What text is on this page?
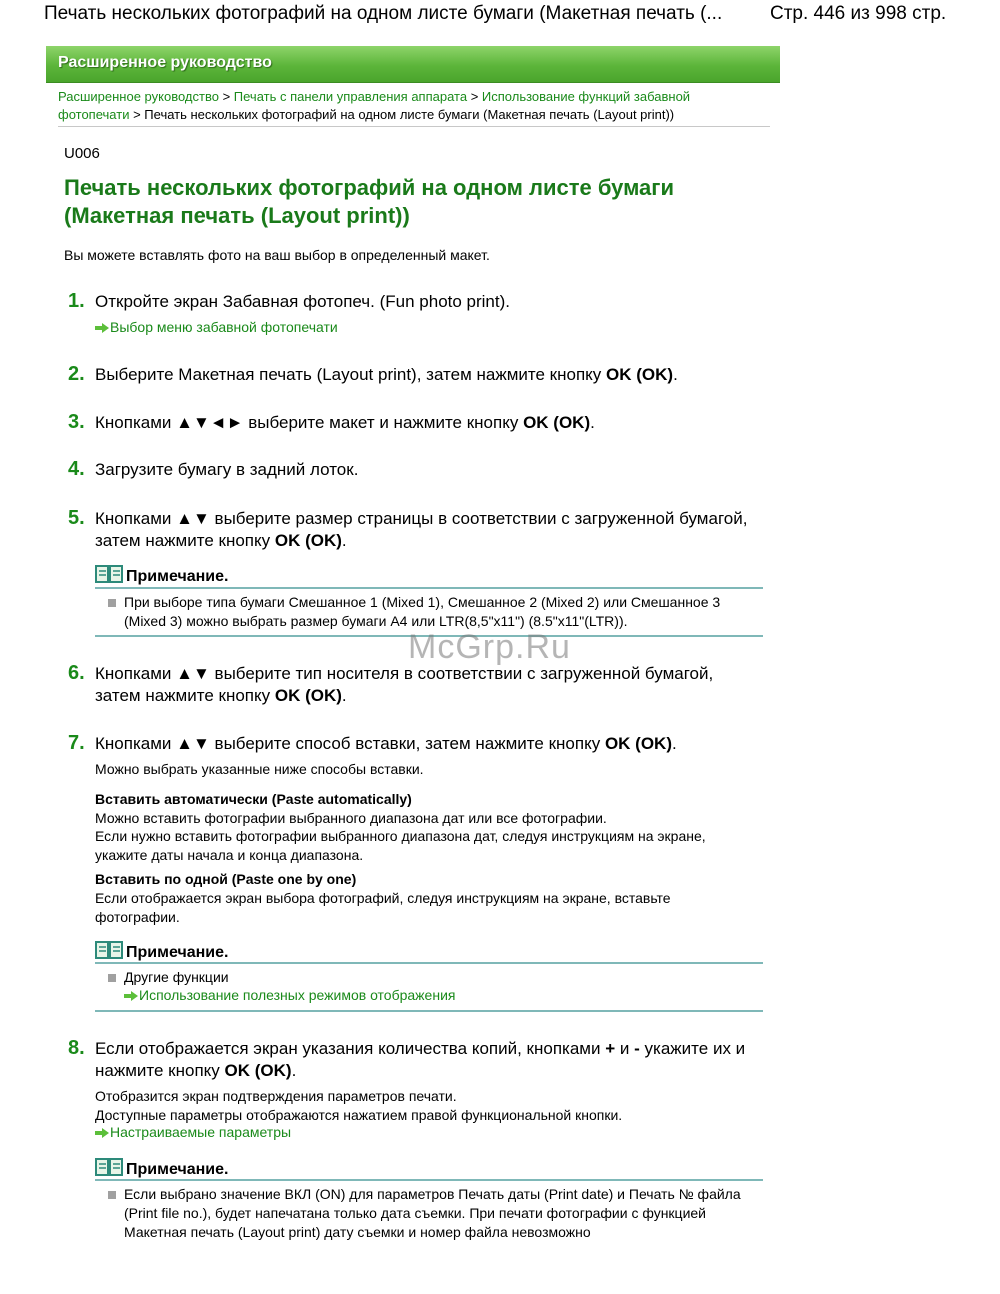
Печать нескольких фотографий на одном листе бумаги (Макетная печать (...	Стр. 446 из 998 стр.
Расширенное руководство
Расширенное руководство > Печать с панели управления аппарата > Использование функций забавной фотопечати > Печать нескольких фотографий на одном листе бумаги (Макетная печать (Layout print))
U006
Печать нескольких фотографий на одном листе бумаги (Макетная печать (Layout print))
Вы можете вставлять фото на ваш выбор в определенный макет.
1. Откройте экран Забавная фотопеч. (Fun photo print).
Выбор меню забавной фотопечати
2. Выберите Макетная печать (Layout print), затем нажмите кнопку OK (OK).
3. Кнопками ▲▼◄► выберите макет и нажмите кнопку OK (OK).
4. Загрузите бумагу в задний лоток.
5. Кнопками ▲▼ выберите размер страницы в соответствии с загруженной бумагой, затем нажмите кнопку OK (OK).
Примечание.
При выборе типа бумаги Смешанное 1 (Mixed 1), Смешанное 2 (Mixed 2) или Смешанное 3 (Mixed 3) можно выбрать размер бумаги A4 или LTR(8,5"x11") (8.5"x11"(LTR)).
McGrp.Ru
6. Кнопками ▲▼ выберите тип носителя в соответствии с загруженной бумагой, затем нажмите кнопку OK (OK).
7. Кнопками ▲▼ выберите способ вставки, затем нажмите кнопку OK (OK).
Можно выбрать указанные ниже способы вставки.
Вставить автоматически (Paste automatically)
Можно вставить фотографии выбранного диапазона дат или все фотографии.
Если нужно вставить фотографии выбранного диапазона дат, следуя инструкциям на экране, укажите даты начала и конца диапазона.
Вставить по одной (Paste one by one)
Если отображается экран выбора фотографий, следуя инструкциям на экране, вставьте фотографии.
Примечание.
Другие функции
Использование полезных режимов отображения
8. Если отображается экран указания количества копий, кнопками + и - укажите их и нажмите кнопку OK (OK).
Отобразится экран подтверждения параметров печати.
Доступные параметры отображаются нажатием правой функциональной кнопки.
Настраиваемые параметры
Примечание.
Если выбрано значение ВКЛ (ON) для параметров Печать даты (Print date) и Печать № файла (Print file no.), будет напечатана только дата съемки. При печати фотографии с функцией Макетная печать (Layout print) дату съемки и номер файла невозможно
